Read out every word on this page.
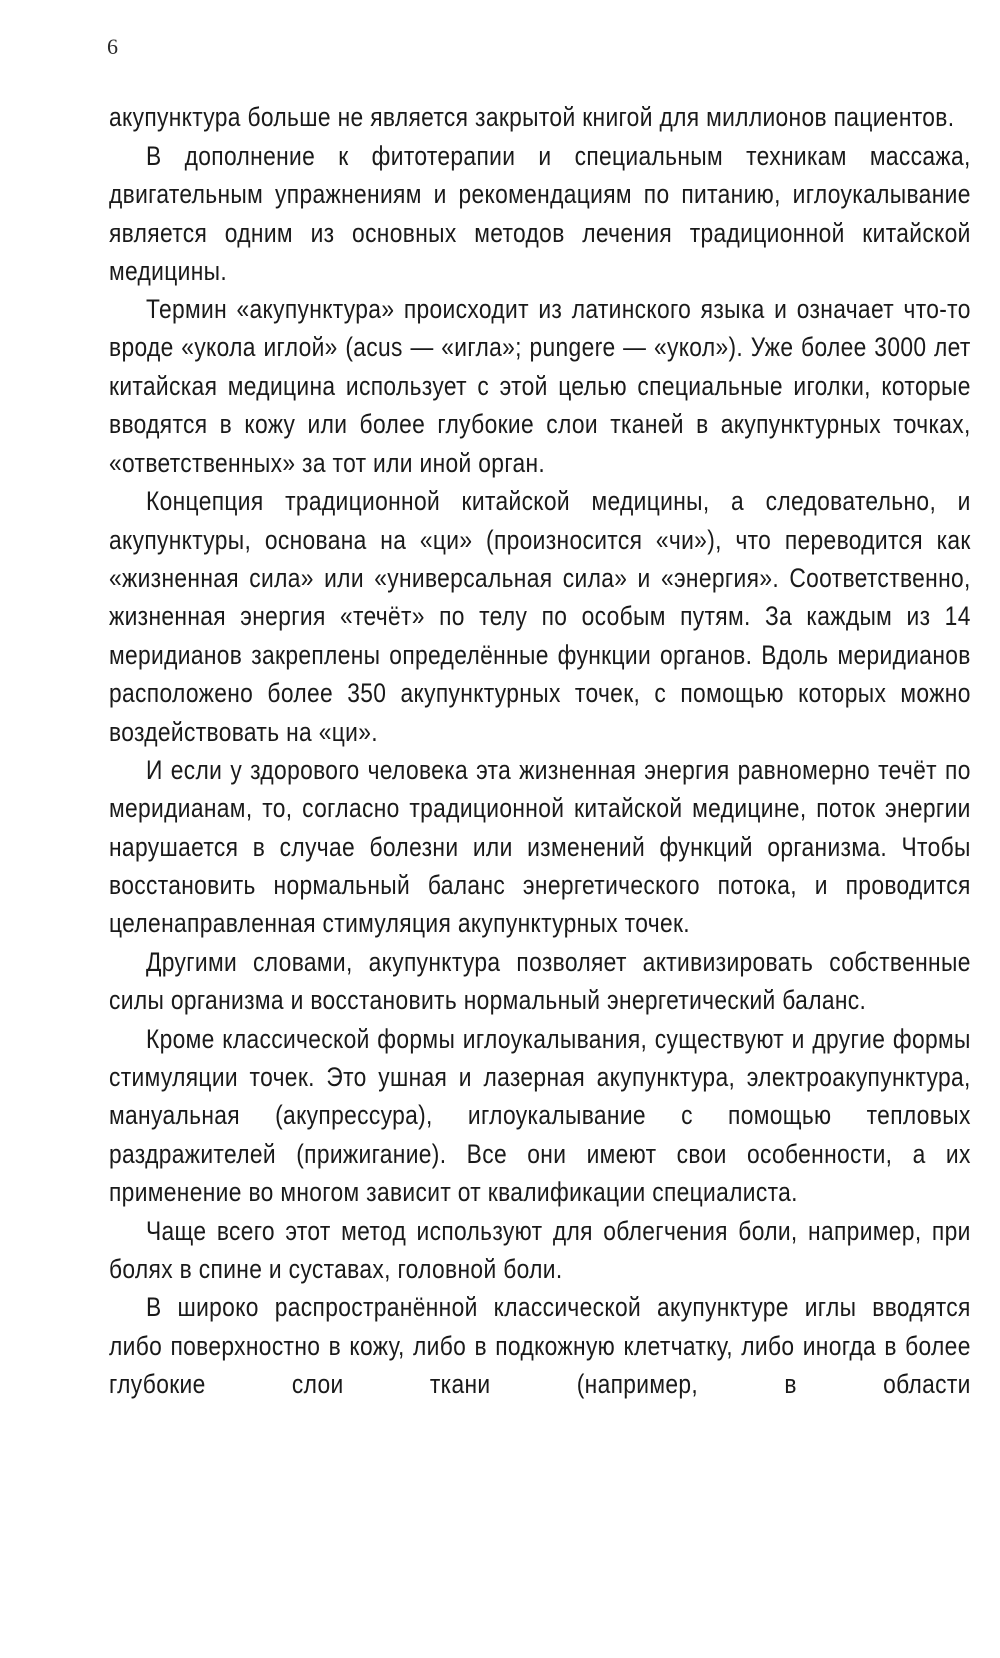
6

акупунктура больше не является закрытой книгой для миллионов пациентов.

В дополнение к фитотерапии и специальным техникам массажа, двигательным упражнениям и рекомендациям по питанию, иглоукалывание является одним из основных методов лечения традиционной китайской медицины.

Термин «акупунктура» происходит из латинского языка и означает что-то вроде «укола иглой» (acus — «игла»; pungere — «укол»). Уже более 3000 лет китайская медицина использует с этой целью специальные иголки, которые вводятся в кожу или более глубокие слои тканей в акупунктурных точках, «ответственных» за тот или иной орган.

Концепция традиционной китайской медицины, а следовательно, и акупунктуры, основана на «ци» (произносится «чи»), что переводится как «жизненная сила» или «универсальная сила» и «энергия». Соответственно, жизненная энергия «течёт» по телу по особым путям. За каждым из 14 меридианов закреплены определённые функции органов. Вдоль меридианов расположено более 350 акупунктурных точек, с помощью которых можно воздействовать на «ци».

И если у здорового человека эта жизненная энергия равномерно течёт по меридианам, то, согласно традиционной китайской медицине, поток энергии нарушается в случае болезни или изменений функций организма. Чтобы восстановить нормальный баланс энергетического потока, и проводится целенаправленная стимуляция акупунктурных точек.

Другими словами, акупунктура позволяет активизировать собственные силы организма и восстановить нормальный энергетический баланс.

Кроме классической формы иглоукалывания, существуют и другие формы стимуляции точек. Это ушная и лазерная акупунктура, электроакупунктура, мануальная (акупрессура), иглоукалывание с помощью тепловых раздражителей (прижигание). Все они имеют свои особенности, а их применение во многом зависит от квалификации специалиста.

Чаще всего этот метод используют для облегчения боли, например, при болях в спине и суставах, головной боли.

В широко распространённой классической акупунктуре иглы вводятся либо поверхностно в кожу, либо в подкожную клетчатку, либо иногда в более глубокие слои ткани (например, в области
